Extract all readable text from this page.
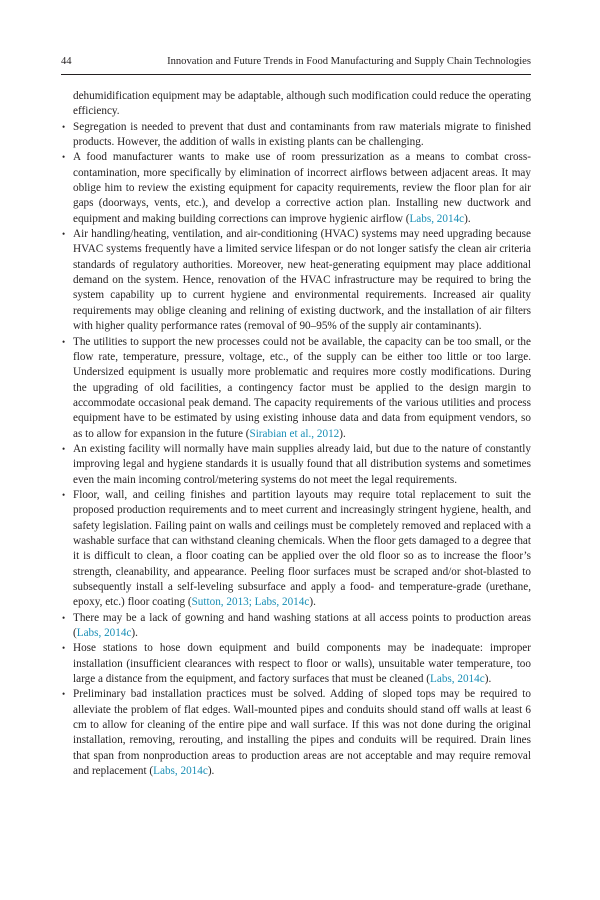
44	Innovation and Future Trends in Food Manufacturing and Supply Chain Technologies

dehumidification equipment may be adaptable, although such modification could reduce the operating efficiency.

• Segregation is needed to prevent that dust and contaminants from raw materials migrate to finished products. However, the addition of walls in existing plants can be challenging.
• A food manufacturer wants to make use of room pressurization as a means to combat cross-contamination, more specifically by elimination of incorrect airflows between adjacent areas. It may oblige him to review the existing equipment for capacity requirements, review the floor plan for air gaps (doorways, vents, etc.), and develop a corrective action plan. Installing new ductwork and equipment and making building corrections can improve hygienic airflow (Labs, 2014c).
• Air handling/heating, ventilation, and air-conditioning (HVAC) systems may need upgrading because HVAC systems frequently have a limited service lifespan or do not longer satisfy the clean air criteria standards of regulatory authorities. Moreover, new heat-generating equipment may place additional demand on the system. Hence, renovation of the HVAC infrastructure may be required to bring the system capability up to current hygiene and environmental requirements. Increased air quality requirements may oblige cleaning and relining of existing ductwork, and the installation of air filters with higher quality performance rates (removal of 90–95% of the supply air contaminants).
• The utilities to support the new processes could not be available, the capacity can be too small, or the flow rate, temperature, pressure, voltage, etc., of the supply can be either too little or too large. Undersized equipment is usually more problematic and requires more costly modifications. During the upgrading of old facilities, a contingency factor must be applied to the design margin to accommodate occasional peak demand. The capacity requirements of the various utilities and process equipment have to be estimated by using existing inhouse data and data from equipment vendors, so as to allow for expansion in the future (Sirabian et al., 2012).
• An existing facility will normally have main supplies already laid, but due to the nature of constantly improving legal and hygiene standards it is usually found that all distribution systems and sometimes even the main incoming control/metering systems do not meet the legal requirements.
• Floor, wall, and ceiling finishes and partition layouts may require total replacement to suit the proposed production requirements and to meet current and increasingly stringent hygiene, health, and safety legislation. Failing paint on walls and ceilings must be completely removed and replaced with a washable surface that can withstand cleaning chemicals. When the floor gets damaged to a degree that it is difficult to clean, a floor coating can be applied over the old floor so as to increase the floor’s strength, cleanability, and appearance. Peeling floor surfaces must be scraped and/or shot-blasted to subsequently install a self-leveling subsurface and apply a food- and temperature-grade (urethane, epoxy, etc.) floor coating (Sutton, 2013; Labs, 2014c).
• There may be a lack of gowning and hand washing stations at all access points to production areas (Labs, 2014c).
• Hose stations to hose down equipment and build components may be inadequate: improper installation (insufficient clearances with respect to floor or walls), unsuitable water temperature, too large a distance from the equipment, and factory surfaces that must be cleaned (Labs, 2014c).
• Preliminary bad installation practices must be solved. Adding of sloped tops may be required to alleviate the problem of flat edges. Wall-mounted pipes and conduits should stand off walls at least 6 cm to allow for cleaning of the entire pipe and wall surface. If this was not done during the original installation, removing, rerouting, and installing the pipes and conduits will be required. Drain lines that span from nonproduction areas to production areas are not acceptable and may require removal and replacement (Labs, 2014c).
